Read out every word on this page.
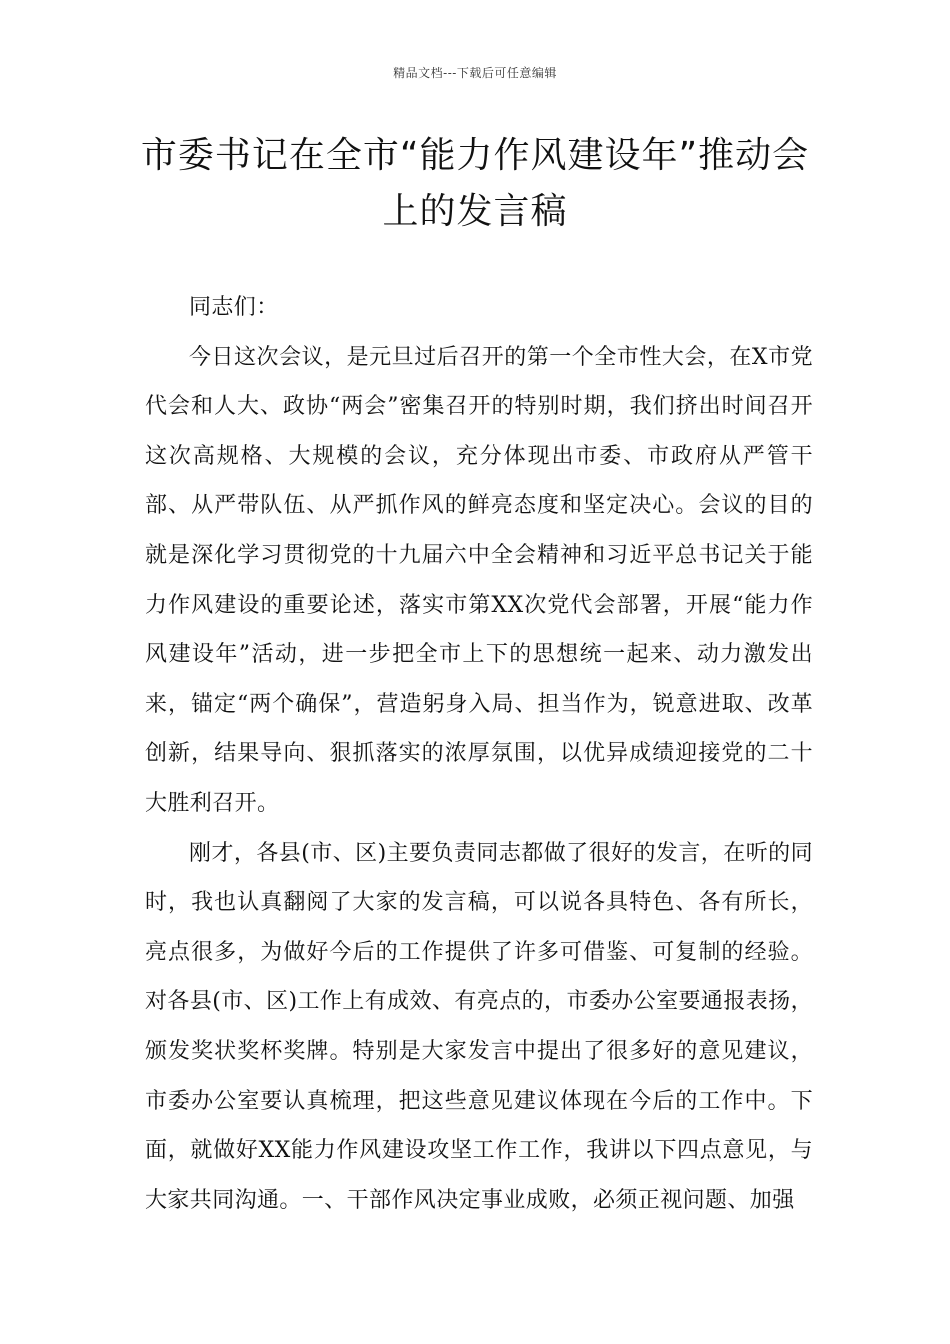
精品文档---下载后可任意编辑
市委书记在全市“能力作风建设年”推动会上的发言稿

同志们：

今日这次会议，是元旦过后召开的第一个全市性大会，在X市党代会和人大、政协“两会”密集召开的特别时期，我们挤出时间召开这次高规格、大规模的会议，充分体现出市委、市政府从严管干部、从严带队伍、从严抓作风的鲜亮态度和坚定决心。会议的目的就是深化学习贯彻党的十九届六中全会精神和习近平总书记关于能力作风建设的重要论述，落实市第XX次党代会部署，开展“能力作风建设年”活动，进一步把全市上下的思想统一起来、动力激发出来，锚定“两个确保”，营造躬身入局、担当作为，锐意进取、改革创新，结果导向、狠抓落实的浓厚氛围，以优异成绩迎接党的二十大胜利召开。

刚才，各县(市、区)主要负责同志都做了很好的发言，在听的同时，我也认真翻阅了大家的发言稿，可以说各具特色、各有所长，亮点很多，为做好今后的工作提供了许多可借鉴、可复制的经验。对各县(市、区)工作上有成效、有亮点的，市委办公室要通报表扬，颁发奖状奖杯奖牌。特别是大家发言中提出了很多好的意见建议，市委办公室要认真梳理，把这些意见建议体现在今后的工作中。下面，就做好XX能力作风建设攻坚工作工作，我讲以下四点意见，与大家共同沟通。一、干部作风决定事业成败，必须正视问题、加强
